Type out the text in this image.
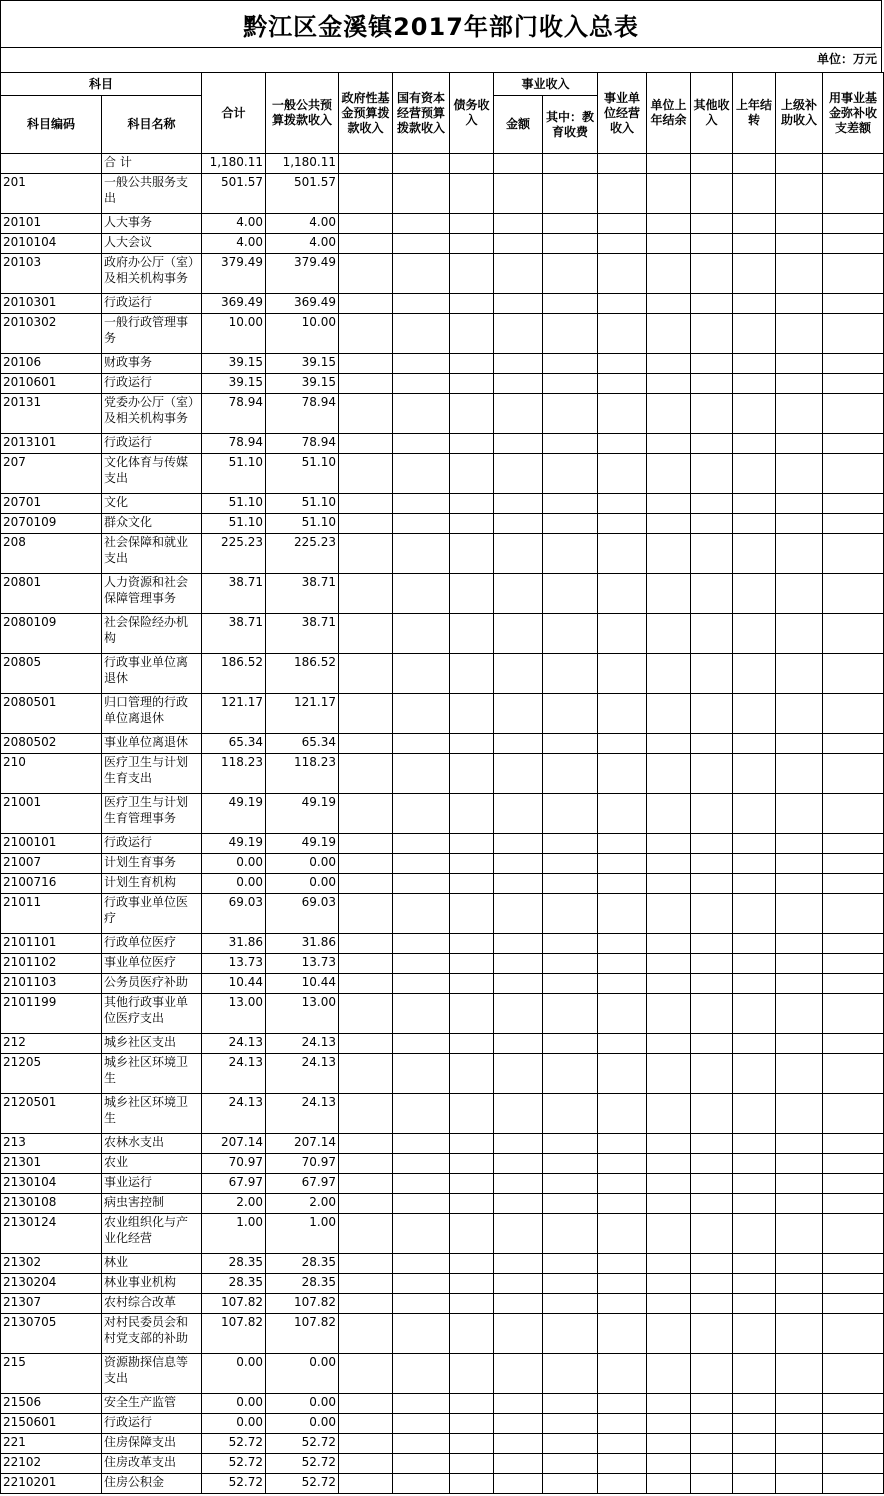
黔江区金溪镇2017年部门收入总表
单位：万元
科目		合计	一般公共预算拨款收入	政府性基金预算拨款收入	国有资本经营预算拨款收入	债务收入	事业收入		事业单位经营收入	单位上年结余	其他收入	上年结转	上级补助收入	用事业基金弥补收支差额
科目编码	科目名称						金额	其中：教育收费						
	合 计	1,180.11	1,180.11											
201	一般公共服务支出	501.57	501.57											
20101	人大事务	4.00	4.00											
2010104	人大会议	4.00	4.00											
20103	政府办公厅（室）及相关机构事务	379.49	379.49											
2010301	行政运行	369.49	369.49											
2010302	一般行政管理事务	10.00	10.00											
20106	财政事务	39.15	39.15											
2010601	行政运行	39.15	39.15											
20131	党委办公厅（室）及相关机构事务	78.94	78.94											
2013101	行政运行	78.94	78.94											
207	文化体育与传媒支出	51.10	51.10											
20701	文化	51.10	51.10											
2070109	群众文化	51.10	51.10											
208	社会保障和就业支出	225.23	225.23											
20801	人力资源和社会保障管理事务	38.71	38.71											
2080109	社会保险经办机构	38.71	38.71											
20805	行政事业单位离退休	186.52	186.52											
2080501	归口管理的行政单位离退休	121.17	121.17											
2080502	事业单位离退休	65.34	65.34											
210	医疗卫生与计划生育支出	118.23	118.23											
21001	医疗卫生与计划生育管理事务	49.19	49.19											
2100101	行政运行	49.19	49.19											
21007	计划生育事务	0.00	0.00											
2100716	计划生育机构	0.00	0.00											
21011	行政事业单位医疗	69.03	69.03											
2101101	行政单位医疗	31.86	31.86											
2101102	事业单位医疗	13.73	13.73											
2101103	公务员医疗补助	10.44	10.44											
2101199	其他行政事业单位医疗支出	13.00	13.00											
212	城乡社区支出	24.13	24.13											
21205	城乡社区环境卫生	24.13	24.13											
2120501	城乡社区环境卫生	24.13	24.13											
213	农林水支出	207.14	207.14											
21301	农业	70.97	70.97											
2130104	事业运行	67.97	67.97											
2130108	病虫害控制	2.00	2.00											
2130124	农业组织化与产业化经营	1.00	1.00											
21302	林业	28.35	28.35											
2130204	林业事业机构	28.35	28.35											
21307	农村综合改革	107.82	107.82											
2130705	对村民委员会和村党支部的补助	107.82	107.82											
215	资源勘探信息等支出	0.00	0.00											
21506	安全生产监管	0.00	0.00											
2150601	行政运行	0.00	0.00											
221	住房保障支出	52.72	52.72											
22102	住房改革支出	52.72	52.72											
2210201	住房公积金	52.72	52.72											
